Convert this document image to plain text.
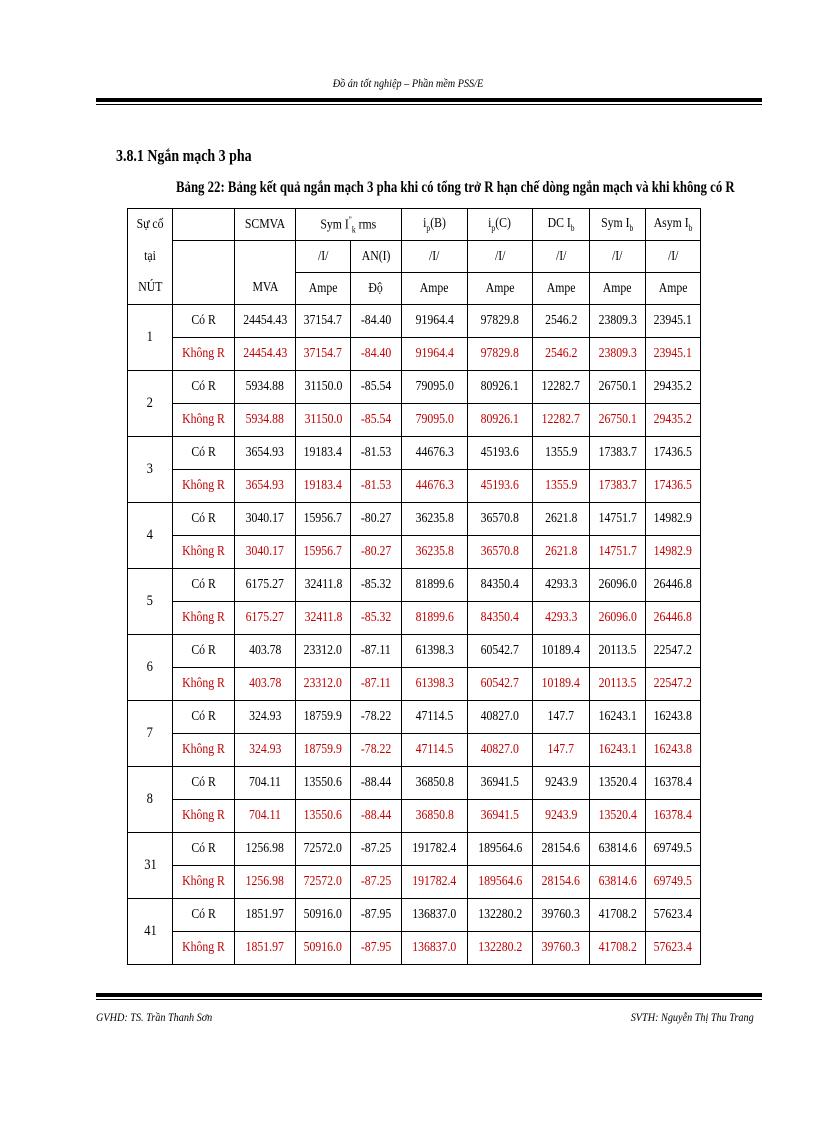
Đồ án tốt nghiệp – Phần mềm PSS/E
3.8.1 Ngắn mạch 3 pha
Bảng 22: Bảng kết quả ngắn mạch 3 pha khi có tổng trở R hạn chế dòng ngắn mạch và khi không có R
Sự cố		SCMVA	Sym $I^"_k$ rms		$i_p(B)$	$i_p(C)$	DC $I_b$	Sym $I_b$	Asym $I_b$
tại			/I/	AN(I)	/I/	/I/	/I/	/I/	/I/
NÚT		MVA	Ampe	Độ	Ampe	Ampe	Ampe	Ampe	Ampe
1	Có R	24454.43	37154.7	-84.40	91964.4	97829.8	2546.2	23809.3	23945.1
	Không R	24454.43	37154.7	-84.40	91964.4	97829.8	2546.2	23809.3	23945.1
2	Có R	5934.88	31150.0	-85.54	79095.0	80926.1	12282.7	26750.1	29435.2
	Không R	5934.88	31150.0	-85.54	79095.0	80926.1	12282.7	26750.1	29435.2
3	Có R	3654.93	19183.4	-81.53	44676.3	45193.6	1355.9	17383.7	17436.5
	Không R	3654.93	19183.4	-81.53	44676.3	45193.6	1355.9	17383.7	17436.5
4	Có R	3040.17	15956.7	-80.27	36235.8	36570.8	2621.8	14751.7	14982.9
	Không R	3040.17	15956.7	-80.27	36235.8	36570.8	2621.8	14751.7	14982.9
5	Có R	6175.27	32411.8	-85.32	81899.6	84350.4	4293.3	26096.0	26446.8
	Không R	6175.27	32411.8	-85.32	81899.6	84350.4	4293.3	26096.0	26446.8
6	Có R	403.78	23312.0	-87.11	61398.3	60542.7	10189.4	20113.5	22547.2
	Không R	403.78	23312.0	-87.11	61398.3	60542.7	10189.4	20113.5	22547.2
7	Có R	324.93	18759.9	-78.22	47114.5	40827.0	147.7	16243.1	16243.8
	Không R	324.93	18759.9	-78.22	47114.5	40827.0	147.7	16243.1	16243.8
8	Có R	704.11	13550.6	-88.44	36850.8	36941.5	9243.9	13520.4	16378.4
	Không R	704.11	13550.6	-88.44	36850.8	36941.5	9243.9	13520.4	16378.4
31	Có R	1256.98	72572.0	-87.25	191782.4	189564.6	28154.6	63814.6	69749.5
	Không R	1256.98	72572.0	-87.25	191782.4	189564.6	28154.6	63814.6	69749.5
41	Có R	1851.97	50916.0	-87.95	136837.0	132280.2	39760.3	41708.2	57623.4
	Không R	1851.97	50916.0	-87.95	136837.0	132280.2	39760.3	41708.2	57623.4
GVHD: TS. Trần Thanh Sơn	SVTH: Nguyễn Thị Thu Trang
